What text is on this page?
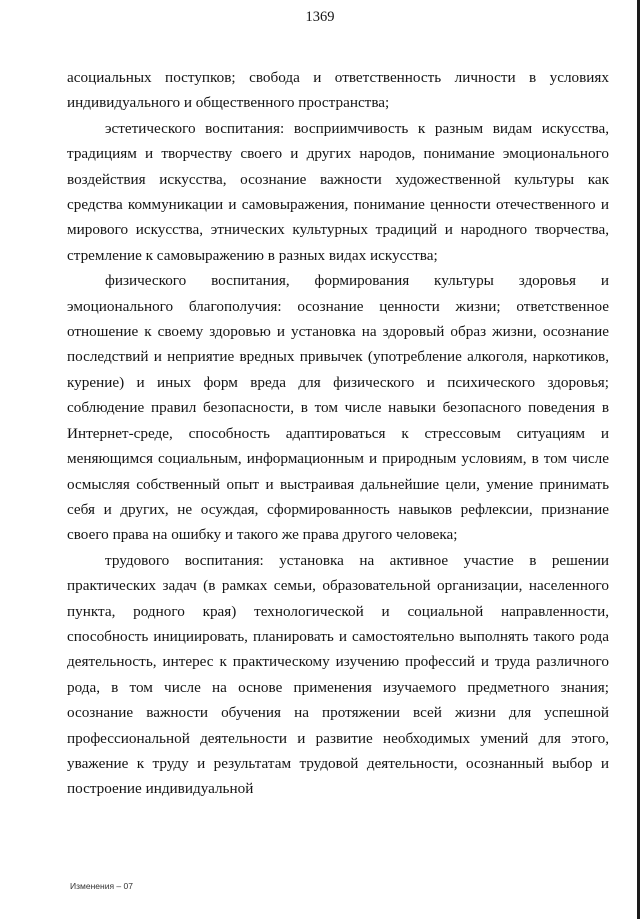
1369

асоциальных поступков; свобода и ответственность личности в условиях индивидуального и общественного пространства;

эстетического воспитания: восприимчивость к разным видам искусства, традициям и творчеству своего и других народов, понимание эмоционального воздействия искусства, осознание важности художественной культуры как средства коммуникации и самовыражения, понимание ценности отечественного и мирового искусства, этнических культурных традиций и народного творчества, стремление к самовыражению в разных видах искусства;

физического воспитания, формирования культуры здоровья и эмоционального благополучия: осознание ценности жизни; ответственное отношение к своему здоровью и установка на здоровый образ жизни, осознание последствий и неприятие вредных привычек (употребление алкоголя, наркотиков, курение) и иных форм вреда для физического и психического здоровья; соблюдение правил безопасности, в том числе навыки безопасного поведения в Интернет-среде, способность адаптироваться к стрессовым ситуациям и меняющимся социальным, информационным и природным условиям, в том числе осмысляя собственный опыт и выстраивая дальнейшие цели, умение принимать себя и других, не осуждая, сформированность навыков рефлексии, признание своего права на ошибку и такого же права другого человека;

трудового воспитания: установка на активное участие в решении практических задач (в рамках семьи, образовательной организации, населенного пункта, родного края) технологической и социальной направленности, способность инициировать, планировать и самостоятельно выполнять такого рода деятельность, интерес к практическому изучению профессий и труда различного рода, в том числе на основе применения изучаемого предметного знания; осознание важности обучения на протяжении всей жизни для успешной профессиональной деятельности и развитие необходимых умений для этого, уважение к труду и результатам трудовой деятельности, осознанный выбор и построение индивидуальной

Изменения – 07
